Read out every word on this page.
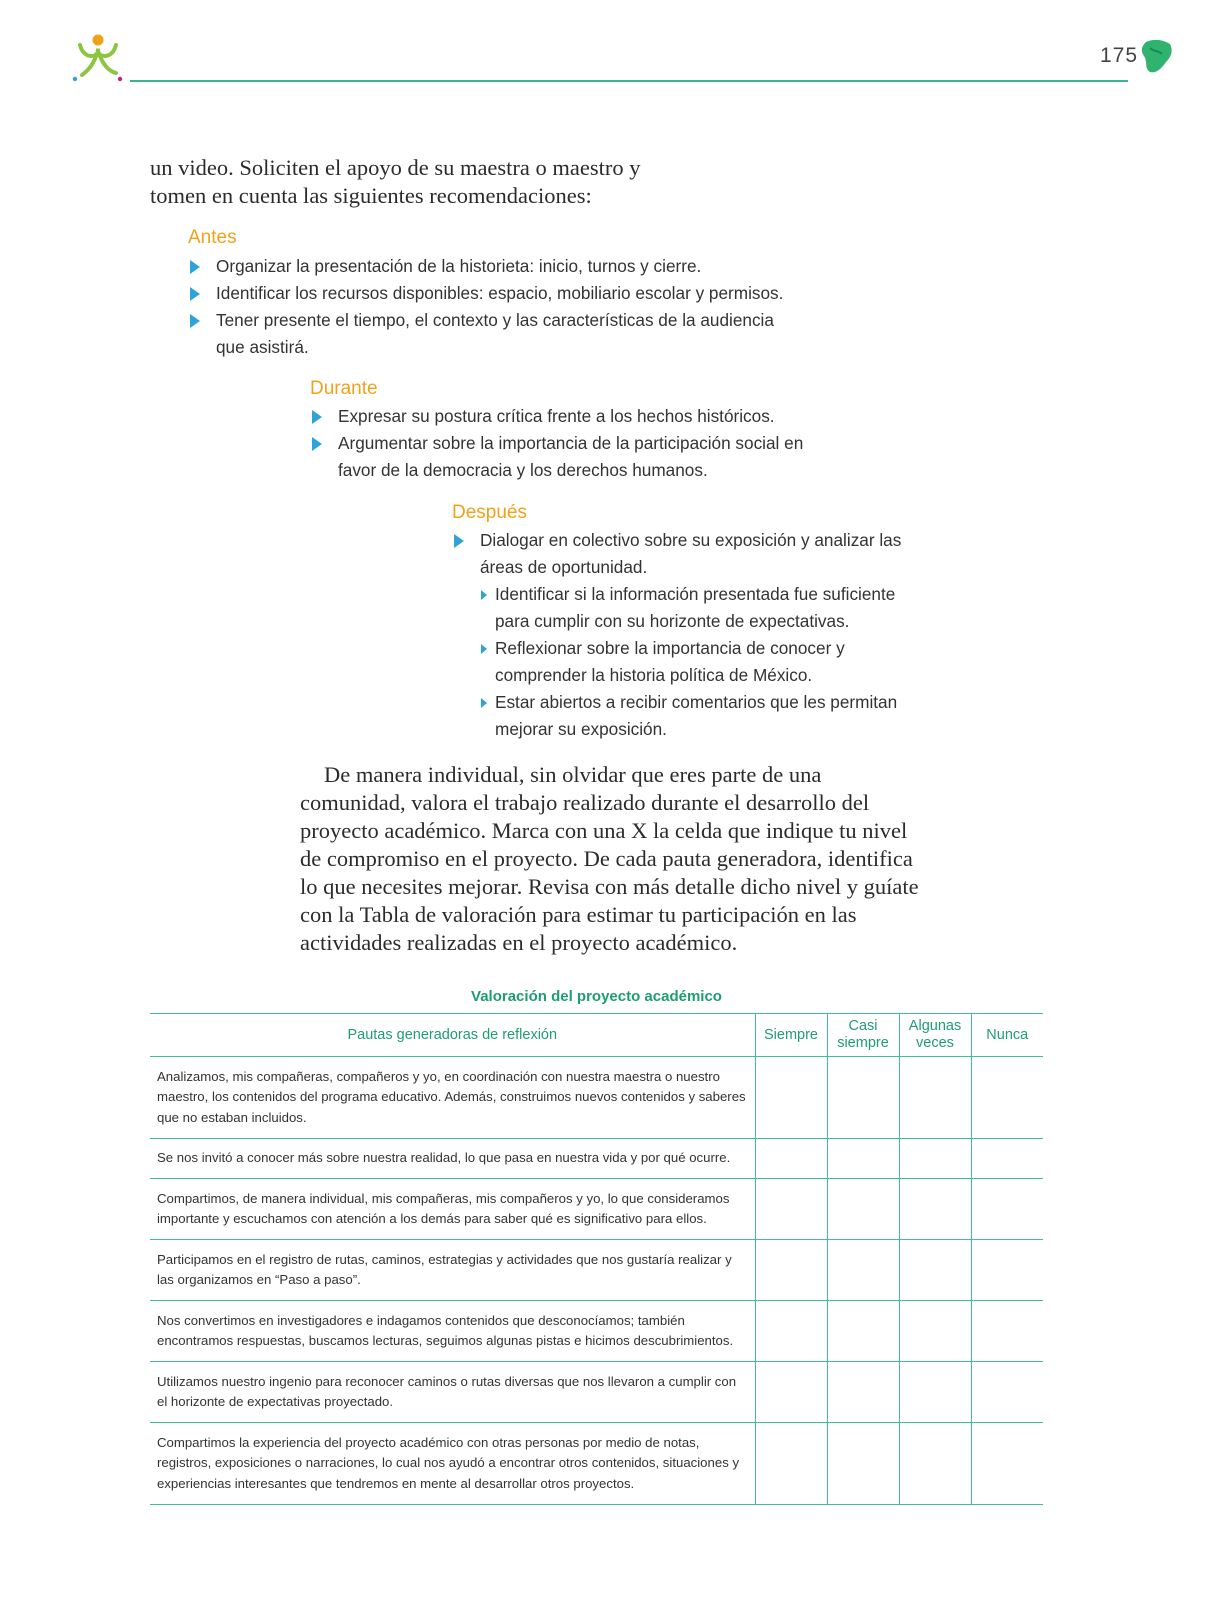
175
un video. Soliciten el apoyo de su maestra o maestro y tomen en cuenta las siguientes recomendaciones:
Antes
Organizar la presentación de la historieta: inicio, turnos y cierre.
Identificar los recursos disponibles: espacio, mobiliario escolar y permisos.
Tener presente el tiempo, el contexto y las características de la audiencia que asistirá.
Durante
Expresar su postura crítica frente a los hechos históricos.
Argumentar sobre la importancia de la participación social en favor de la democracia y los derechos humanos.
Después
Dialogar en colectivo sobre su exposición y analizar las áreas de oportunidad.
Identificar si la información presentada fue suficiente para cumplir con su horizonte de expectativas.
Reflexionar sobre la importancia de conocer y comprender la historia política de México.
Estar abiertos a recibir comentarios que les permitan mejorar su exposición.

De manera individual, sin olvidar que eres parte de una comunidad, valora el trabajo realizado durante el desarrollo del proyecto académico. Marca con una X la celda que indique tu nivel de compromiso en el proyecto. De cada pauta generadora, identifica lo que necesites mejorar. Revisa con más detalle dicho nivel y guíate con la Tabla de valoración para estimar tu participación en las actividades realizadas en el proyecto académico.

Valoración del proyecto académico
Pautas generadoras de reflexión	Siempre	Casi siempre	Algunas veces	Nunca
Analizamos, mis compañeras, compañeros y yo, en coordinación con nuestra maestra o nuestro maestro, los contenidos del programa educativo. Además, construimos nuevos contenidos y saberes que no estaban incluidos.				
Se nos invitó a conocer más sobre nuestra realidad, lo que pasa en nuestra vida y por qué ocurre.				
Compartimos, de manera individual, mis compañeras, mis compañeros y yo, lo que consideramos importante y escuchamos con atención a los demás para saber qué es significativo para ellos.				
Participamos en el registro de rutas, caminos, estrategias y actividades que nos gustaría realizar y las organizamos en “Paso a paso”.				
Nos convertimos en investigadores e indagamos contenidos que desconocíamos; también encontramos respuestas, buscamos lecturas, seguimos algunas pistas e hicimos descubrimientos.				
Utilizamos nuestro ingenio para reconocer caminos o rutas diversas que nos llevaron a cumplir con el horizonte de expectativas proyectado.				
Compartimos la experiencia del proyecto académico con otras personas por medio de notas, registros, exposiciones o narraciones, lo cual nos ayudó a encontrar otros contenidos, situaciones y experiencias interesantes que tendremos en mente al desarrollar otros proyectos.				
